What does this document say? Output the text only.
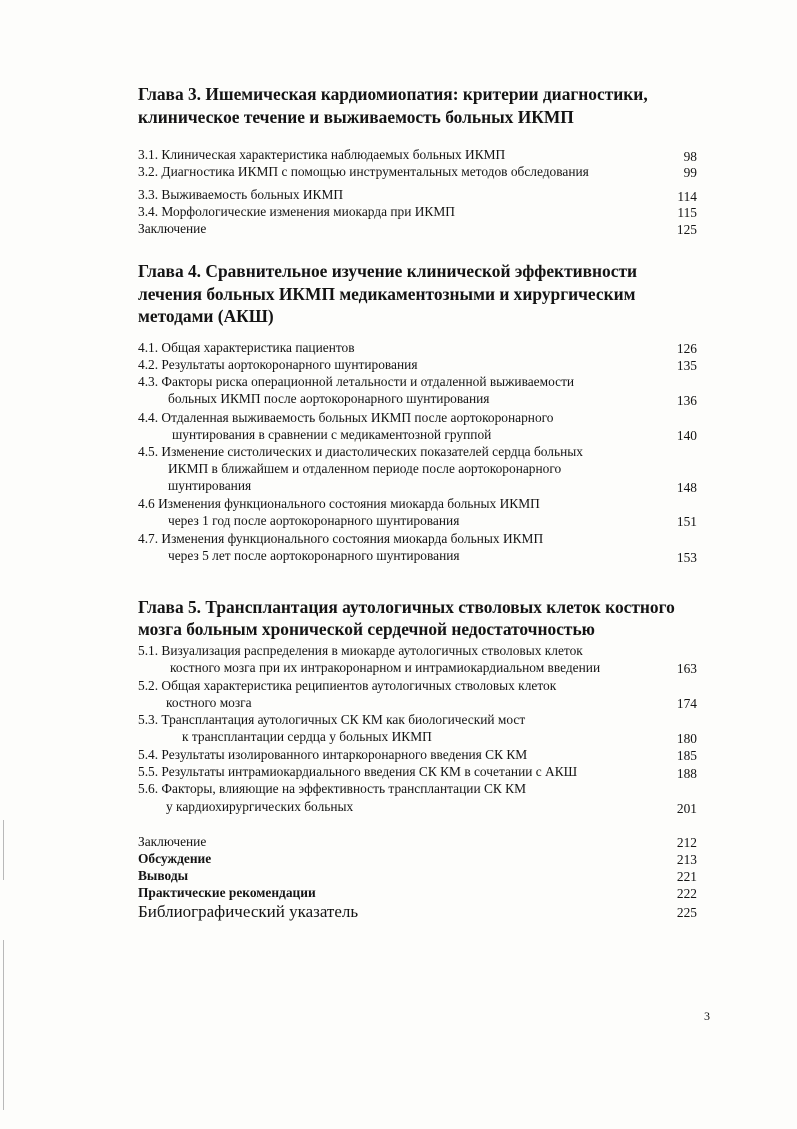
Глава 3. Ишемическая кардиомиопатия: критерии диагностики,
клиническое течение и выживаемость больных ИКМП
3.1. Клиническая характеристика наблюдаемых больных ИКМП	98
3.2. Диагностика ИКМП с помощью инструментальных методов обследования	99
3.3. Выживаемость больных ИКМП	114
3.4. Морфологические изменения миокарда при ИКМП	115
Заключение	125
Глава 4. Сравнительное изучение клинической эффективности
лечения больных ИКМП медикаментозными и хирургическим
методами (АКШ)
4.1. Общая характеристика пациентов	126
4.2. Результаты аортокоронарного шунтирования	135
4.3. Факторы риска операционной летальности и отдаленной выживаемости
больных ИКМП после аортокоронарного шунтирования	136
4.4. Отдаленная выживаемость больных ИКМП после аортокоронарного
шунтирования в сравнении с медикаментозной группой	140
4.5. Изменение систолических и диастолических показателей сердца больных
ИКМП в ближайшем и отдаленном периоде после аортокоронарного
шунтирования	148
4.6 Изменения функционального состояния миокарда больных ИКМП
через 1 год после аортокоронарного шунтирования	151
4.7. Изменения функционального состояния миокарда больных ИКМП
через 5 лет после аортокоронарного шунтирования	153
Глава 5. Трансплантация аутологичных стволовых клеток костного
мозга больным хронической сердечной недостаточностью
5.1. Визуализация распределения в миокарде аутологичных стволовых клеток
костного мозга при их интракоронарном и интрамиокардиальном введении	163
5.2. Общая характеристика реципиентов аутологичных стволовых клеток
костного мозга	174
5.3. Трансплантация аутологичных СК КМ как биологический мост
к трансплантации сердца у больных ИКМП	180
5.4. Результаты изолированного интаркоронарного введения СК КМ	185
5.5. Результаты интрамиокардиального введения СК КМ в сочетании с АКШ	188
5.6. Факторы, влияющие на эффективность трансплантации СК КМ
у кардиохирургических больных	201
Заключение	212
Обсуждение	213
Выводы	221
Практические рекомендации	222
Библиографический указатель	225
3
